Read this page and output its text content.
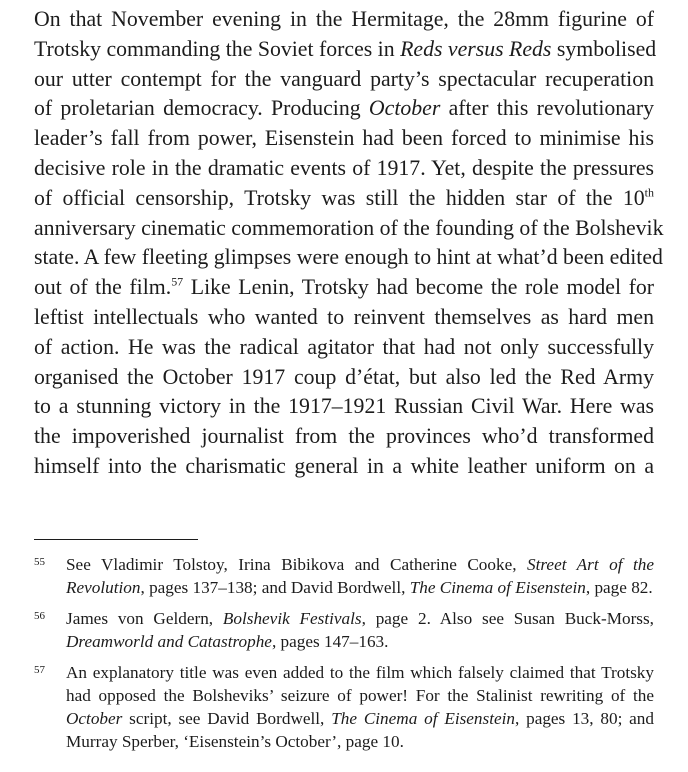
On that November evening in the Hermitage, the 28mm figurine of
Trotsky commanding the Soviet forces in Reds versus Reds symbolised
our utter contempt for the vanguard party’s spectacular recuperation
of proletarian democracy. Producing October after this revolutionary
leader’s fall from power, Eisenstein had been forced to minimise his
decisive role in the dramatic events of 1917. Yet, despite the pressures
of official censorship, Trotsky was still the hidden star of the 10th
anniversary cinematic commemoration of the founding of the Bolshevik
state. A few fleeting glimpses were enough to hint at what’d been edited
out of the film.$^{57}$ Like Lenin, Trotsky had become the role model for
leftist intellectuals who wanted to reinvent themselves as hard men
of action. He was the radical agitator that had not only successfully
organised the October 1917 coup d’état, but also led the Red Army
to a stunning victory in the 1917–1921 Russian Civil War. Here was
the impoverished journalist from the provinces who’d transformed
himself into the charismatic general in a white leather uniform on a

55 See Vladimir Tolstoy, Irina Bibikova and Catherine Cooke, Street Art of the
Revolution, pages 137–138; and David Bordwell, The Cinema of Eisenstein, page 82.
56 James von Geldern, Bolshevik Festivals, page 2. Also see Susan Buck-Morss,
Dreamworld and Catastrophe, pages 147–163.
57 An explanatory title was even added to the film which falsely claimed that Trotsky
had opposed the Bolsheviks’ seizure of power! For the Stalinist rewriting of the
October script, see David Bordwell, The Cinema of Eisenstein, pages 13, 80; and
Murray Sperber, ‘Eisenstein’s October’, page 10.
